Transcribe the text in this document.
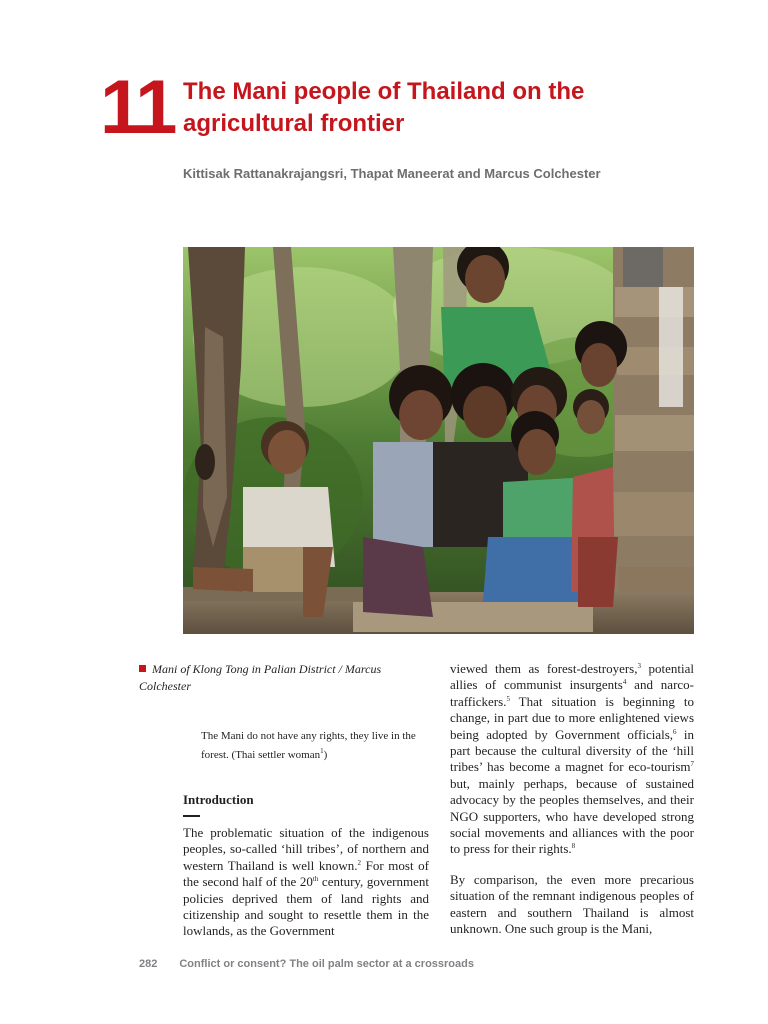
11 The Mani people of Thailand on the
agricultural frontier
Kittisak Rattanakrajangsri, Thapat Maneerat and Marcus Colchester
Mani of Klong Tong in Palian District / Marcus Colchester
The Mani do not have any rights, they live in the forest. (Thai settler woman$^1$)
Introduction

The problematic situation of the indigenous peoples, so-called ‘hill tribes’, of northern and western Thailand is well known.$^2$ For most of the second half of the 20th century, government policies deprived them of land rights and citizenship and sought to resettle them in the lowlands, as the Government

viewed them as forest-destroyers,$^3$ potential allies of communist insurgents$^4$ and narco-traffickers.$^5$ That situation is beginning to change, in part due to more enlightened views being adopted by Government officials,$^6$ in part because the cultural diversity of the ‘hill tribes’ has become a magnet for eco-tourism$^7$ but, mainly perhaps, because of sustained advocacy by the peoples themselves, and their NGO supporters, who have developed strong social movements and alliances with the poor to press for their rights.$^8$

By comparison, the even more precarious situation of the remnant indigenous peoples of eastern and southern Thailand is almost unknown. One such group is the Mani,

282 Conflict or consent? The oil palm sector at a crossroads
